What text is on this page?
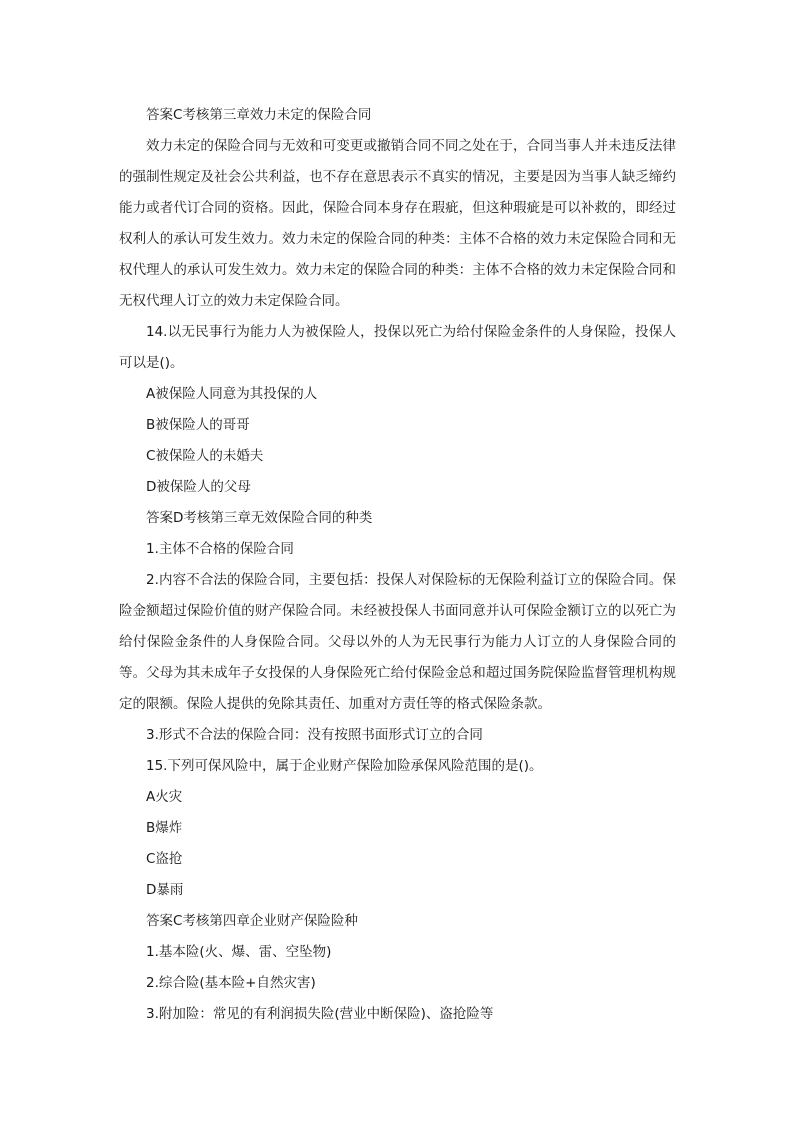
答案C考核第三章效力未定的保险合同

效力未定的保险合同与无效和可变更或撤销合同不同之处在于，合同当事人并未违反法律的强制性规定及社会公共利益，也不存在意思表示不真实的情况，主要是因为当事人缺乏缔约能力或者代订合同的资格。因此，保险合同本身存在瑕疵，但这种瑕疵是可以补救的，即经过权利人的承认可发生效力。效力未定的保险合同的种类：主体不合格的效力未定保险合同和无权代理人的承认可发生效力。效力未定的保险合同的种类：主体不合格的效力未定保险合同和无权代理人订立的效力未定保险合同。

14.以无民事行为能力人为被保险人，投保以死亡为给付保险金条件的人身保险，投保人可以是()。

A被保险人同意为其投保的人

B被保险人的哥哥

C被保险人的未婚夫

D被保险人的父母

答案D考核第三章无效保险合同的种类

1.主体不合格的保险合同

2.内容不合法的保险合同，主要包括：投保人对保险标的无保险利益订立的保险合同。保险金额超过保险价值的财产保险合同。未经被投保人书面同意并认可保险金额订立的以死亡为给付保险金条件的人身保险合同。父母以外的人为无民事行为能力人订立的人身保险合同的等。父母为其未成年子女投保的人身保险死亡给付保险金总和超过国务院保险监督管理机构规定的限额。保险人提供的免除其责任、加重对方责任等的格式保险条款。

3.形式不合法的保险合同：没有按照书面形式订立的合同

15.下列可保风险中，属于企业财产保险加险承保风险范围的是()。

A火灾

B爆炸

C盗抢

D暴雨

答案C考核第四章企业财产保险险种

1.基本险(火、爆、雷、空坠物)

2.综合险(基本险+自然灾害)

3.附加险：常见的有利润损失险(营业中断保险)、盗抢险等
